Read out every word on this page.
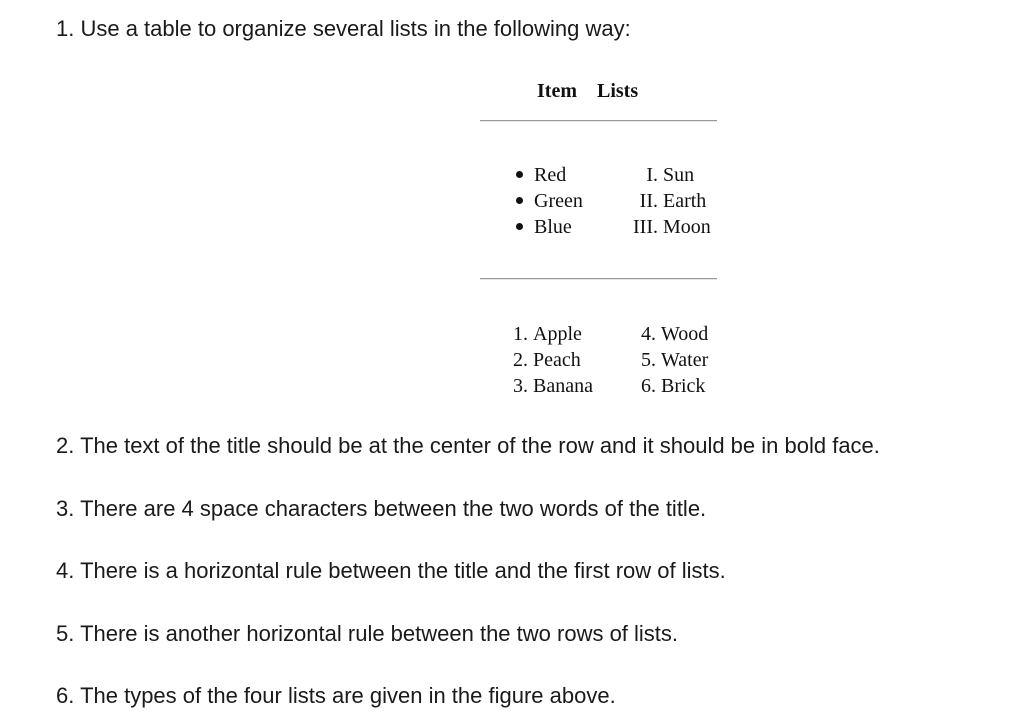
1. Use a table to organize several lists in the following way:

Item    Lists
Red
Green
Blue
I. Sun
II. Earth
III. Moon
1. Apple
2. Peach
3. Banana
4. Wood
5. Water
6. Brick

2. The text of the title should be at the center of the row and it should be in bold face.

3. There are 4 space characters between the two words of the title.

4. There is a horizontal rule between the title and the first row of lists.

5. There is another horizontal rule between the two rows of lists.

6. The types of the four lists are given in the figure above.
